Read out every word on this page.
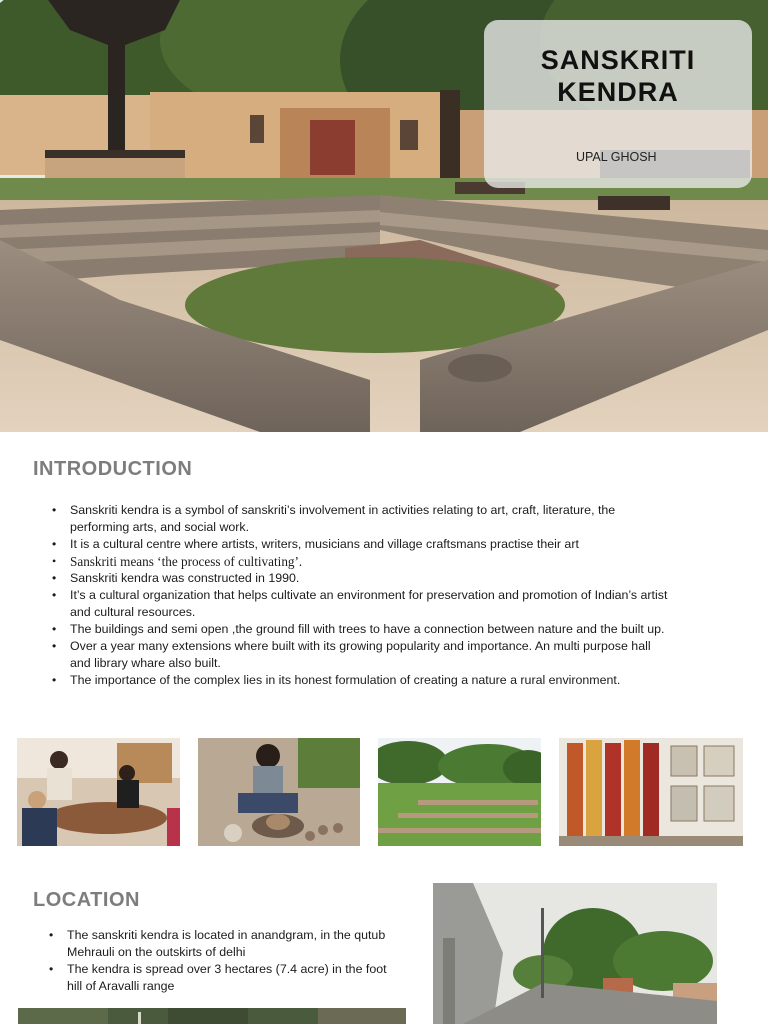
SANSKRITI
KENDRA
UPAL GHOSH
INTRODUCTION
• Sanskriti kendra is a symbol of sanskriti’s involvement in activities relating to art, craft, literature, the performing arts, and social work.
• It is a cultural centre where artists, writers, musicians and village craftsmans practise their art
• Sanskriti means ‘the process of cultivating’.
• Sanskriti kendra was constructed in 1990.
• It’s a cultural organization that helps cultivate an environment for preservation and promotion of Indian’s artist and cultural resources.
• The buildings and semi open ,the ground fill with trees to have a connection between nature and the built up.
• Over a year many extensions where built with its growing popularity and importance. An multi purpose hall and library whare also built.
• The importance of the complex lies in its honest formulation of creating a nature a rural environment.
LOCATION
• The sanskriti kendra is located in anandgram, in the qutub Mehrauli on the outskirts of delhi
• The kendra is spread over 3 hectares (7.4 acre) in the foot hill of Aravalli range
